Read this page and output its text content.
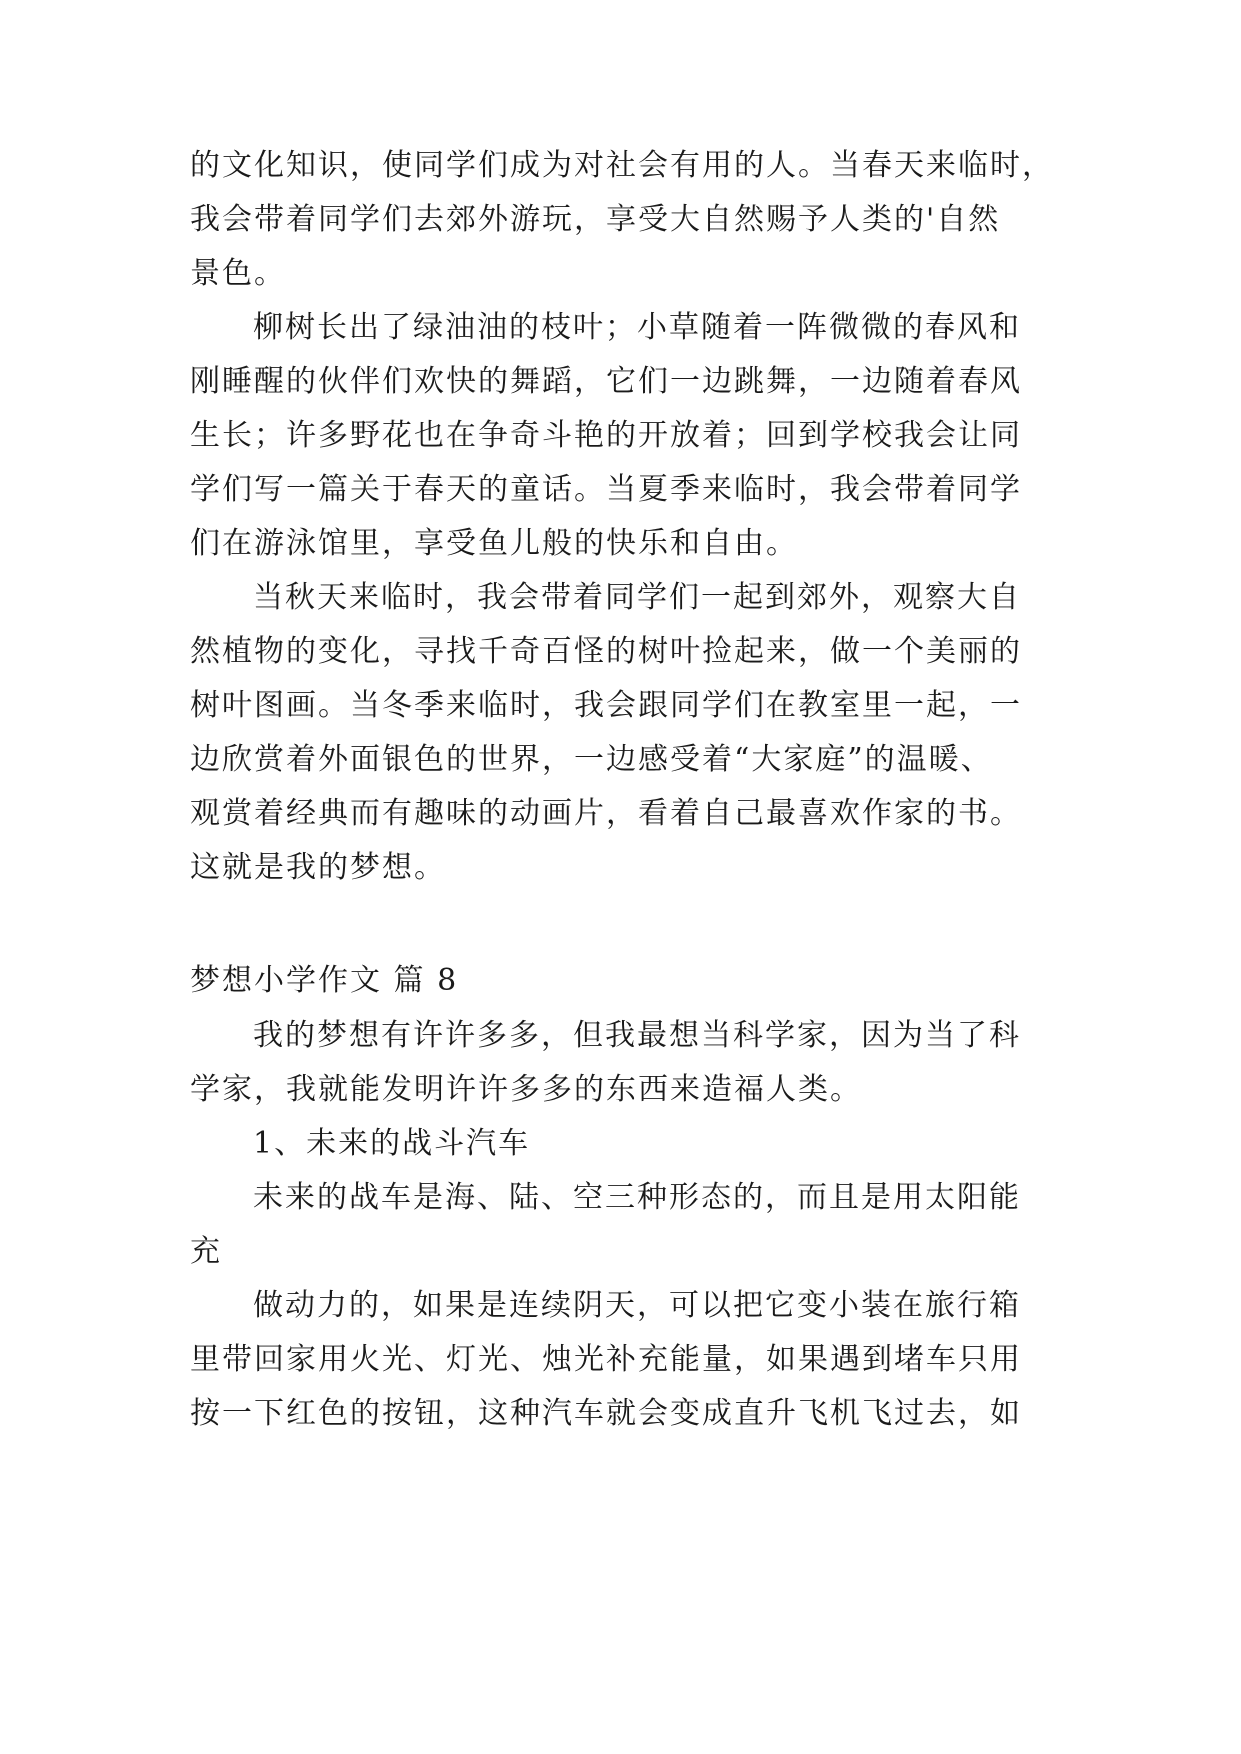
的文化知识，使同学们成为对社会有用的人。当春天来临时，
我会带着同学们去郊外游玩，享受大自然赐予人类的'自然
景色。
柳树长出了绿油油的枝叶；小草随着一阵微微的春风和
刚睡醒的伙伴们欢快的舞蹈，它们一边跳舞，一边随着春风
生长；许多野花也在争奇斗艳的开放着；回到学校我会让同
学们写一篇关于春天的童话。当夏季来临时，我会带着同学
们在游泳馆里，享受鱼儿般的快乐和自由。
当秋天来临时，我会带着同学们一起到郊外，观察大自
然植物的变化，寻找千奇百怪的树叶捡起来，做一个美丽的
树叶图画。当冬季来临时，我会跟同学们在教室里一起，一
边欣赏着外面银色的世界，一边感受着“大家庭”的温暖、
观赏着经典而有趣味的动画片，看着自己最喜欢作家的书。
这就是我的梦想。
梦想小学作文 篇 8
我的梦想有许许多多，但我最想当科学家，因为当了科
学家，我就能发明许许多多的东西来造福人类。
1、未来的战斗汽车
未来的战车是海、陆、空三种形态的，而且是用太阳能
充
做动力的，如果是连续阴天，可以把它变小装在旅行箱
里带回家用火光、灯光、烛光补充能量，如果遇到堵车只用
按一下红色的按钮，这种汽车就会变成直升飞机飞过去，如
